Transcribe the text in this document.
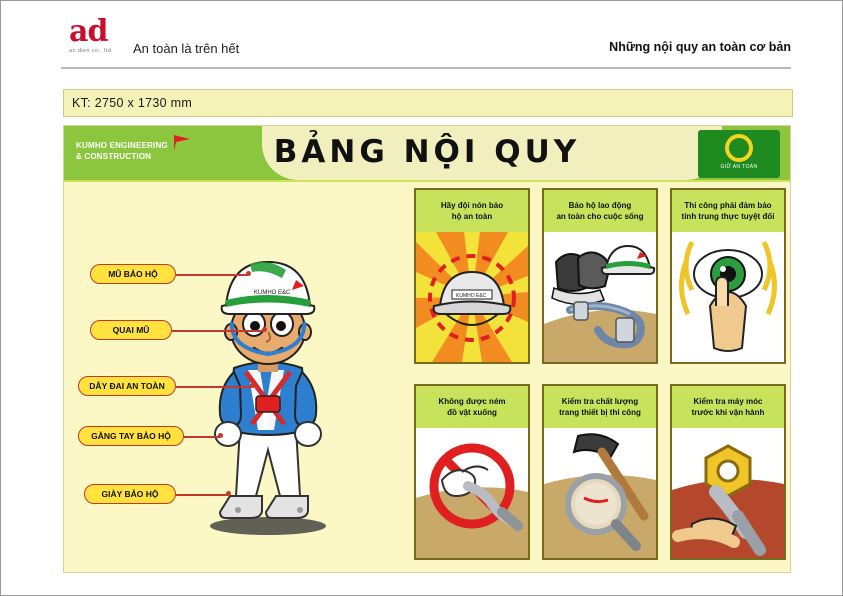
ad
an dien co., ltd.	An toàn là trên hết	Những nội quy an toàn cơ bản
KT: 2750 x 1730 mm
KUMHO ENGINEERING
& CONSTRUCTION	BẢNG NỘI QUY	GIỮ AN TOÀN
KUMHO E&C
MŨ BẢO HỘ
QUAI MŨ
DÂY ĐAI AN TOÀN
GĂNG TAY BẢO HỘ
GIÀY BẢO HỘ
Hãy đội nón bảo
hộ an toàn
KUMHO E&C
Bảo hộ lao động
an toàn cho cuộc sống
Thi công phải đảm bảo
tính trung thực tuyệt đối
Không được ném
đồ vật xuống
Kiểm tra chất lượng
trang thiết bị thi công
Kiểm tra máy móc
trước khi vận hành
